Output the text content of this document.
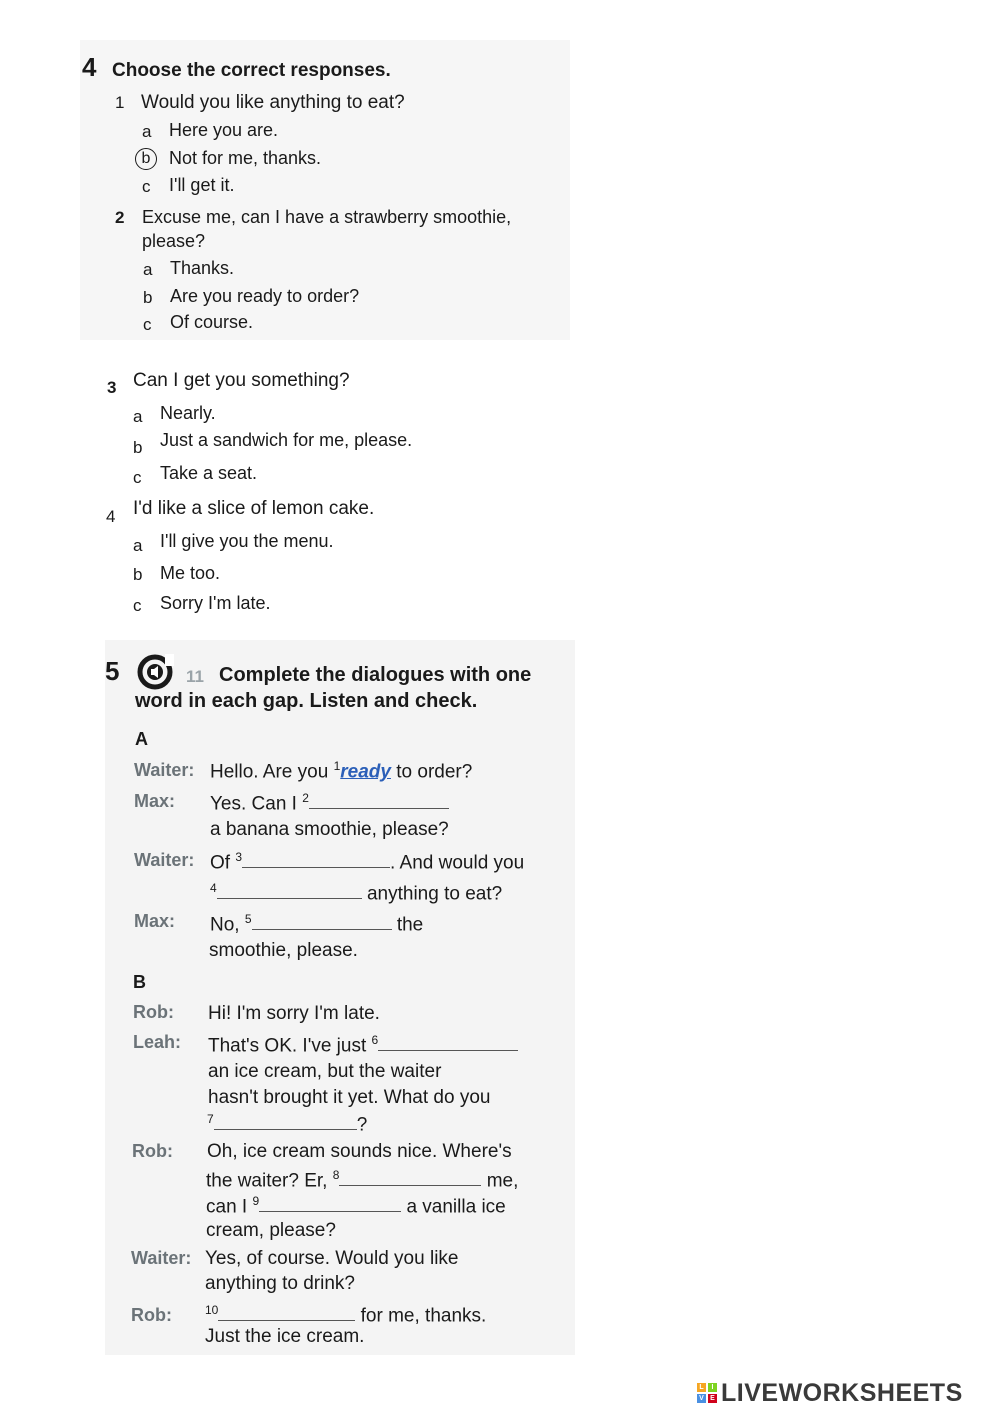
4 Choose the correct responses.
1 Would you like anything to eat?
a Here you are.
b	Not for me, thanks.
c I'll get it.
2 Excuse me, can I have a strawberry smoothie,
please?
a Thanks.
b Are you ready to order?
c Of course.
3 Can I get you something?
a Nearly.
b Just a sandwich for me, please.
c Take a seat.
4 I'd like a slice of lemon cake.
a I'll give you the menu.
b Me too.
c Sorry I'm late.
5	11 Complete the dialogues with one
word in each gap. Listen and check.
A
Waiter: Hello. Are you $^1$ready to order?
Max: Yes. Can I $^2$
a banana smoothie, please?
Waiter: Of $^3$	. And would you
$^4$	anything to eat?
Max: No, $^5$	the
smoothie, please.
B
Rob: Hi! I'm sorry I'm late.
Leah: That's OK. I've just $^6$
an ice cream, but the waiter
hasn't brought it yet. What do you
$^7$	?
Rob: Oh, ice cream sounds nice. Where's
the waiter? Er, $^8$	me,
can I $^9$	a vanilla ice
cream, please?
Waiter: Yes, of course. Would you like
anything to drink?
Rob:	$^{10}$	for me, thanks.
Just the ice cream.
L	I
V E LIVEWORKSHEETS
